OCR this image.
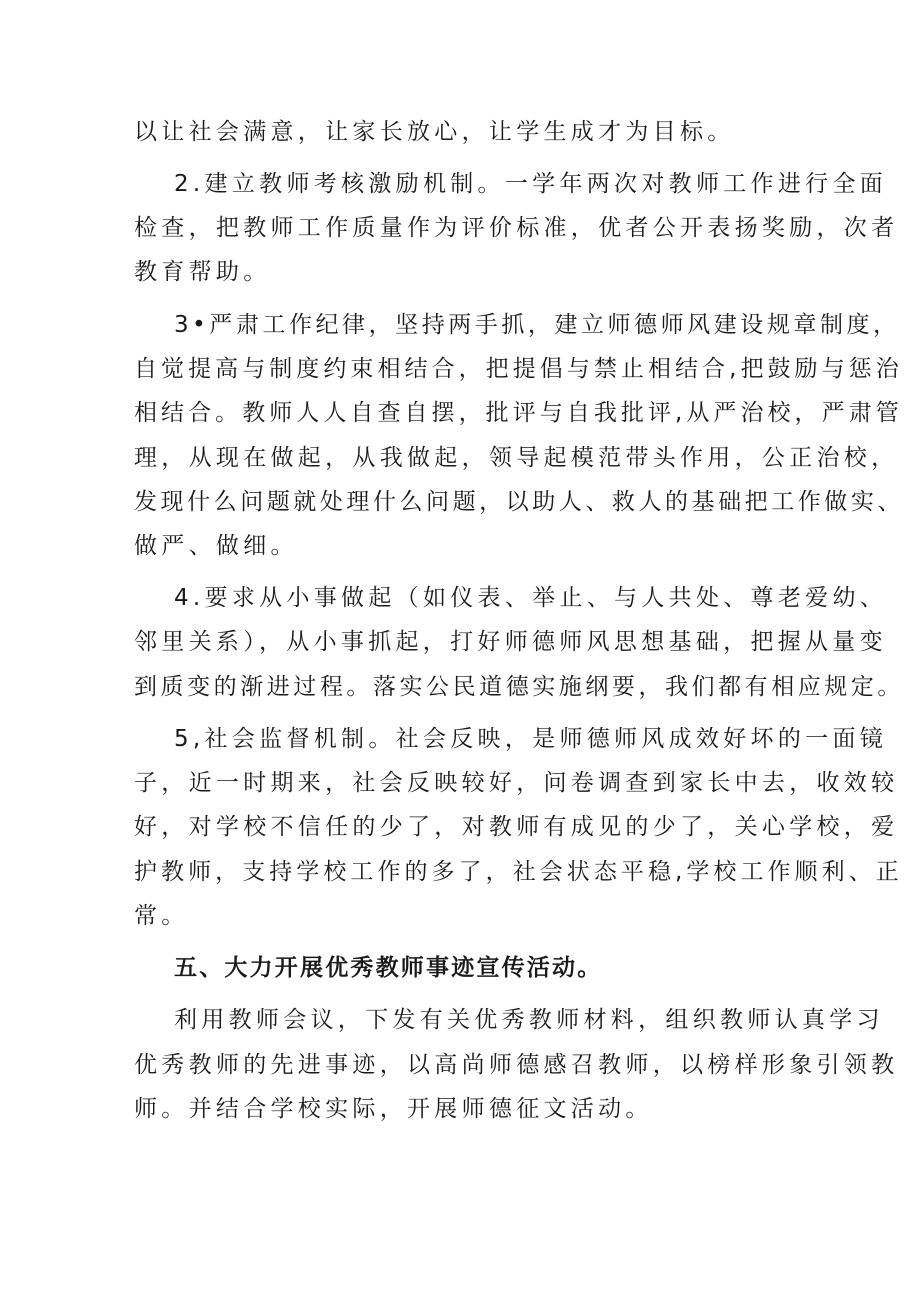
以让社会满意，让家长放心，让学生成才为目标。
2.建立教师考核激励机制。一学年两次对教师工作进行全面
检查，把教师工作质量作为评价标准，优者公开表扬奖励，次者
教育帮助。
3•严肃工作纪律，坚持两手抓，建立师德师风建设规章制度，
自觉提高与制度约束相结合，把提倡与禁止相结合,把鼓励与惩治
相结合。教师人人自查自摆，批评与自我批评,从严治校，严肃管
理，从现在做起，从我做起，领导起模范带头作用，公正治校，
发现什么问题就处理什么问题，以助人、救人的基础把工作做实、
做严、做细。
4.要求从小事做起（如仪表、举止、与人共处、尊老爱幼、
邻里关系），从小事抓起，打好师德师风思想基础，把握从量变
到质变的渐进过程。落实公民道德实施纲要，我们都有相应规定。
5,社会监督机制。社会反映，是师德师风成效好坏的一面镜
子，近一时期来，社会反映较好，问卷调查到家长中去，收效较
好，对学校不信任的少了，对教师有成见的少了，关心学校，爱
护教师，支持学校工作的多了，社会状态平稳,学校工作顺利、正
常。
五、大力开展优秀教师事迹宣传活动。
利用教师会议，下发有关优秀教师材料，组织教师认真学习
优秀教师的先进事迹，以高尚师德感召教师，以榜样形象引领教
师。并结合学校实际，开展师德征文活动。
